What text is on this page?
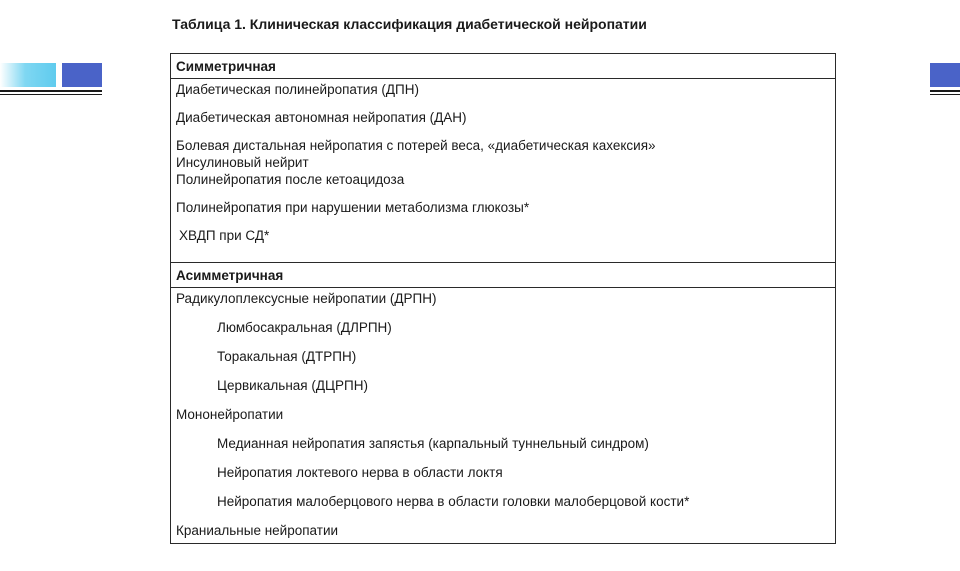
Таблица 1. Клиническая классификация диабетической нейропатии
Симметричная
Диабетическая полинейропатия (ДПН)
Диабетическая автономная нейропатия (ДАН)
Болевая дистальная нейропатия с потерей веса, «диабетическая кахексия»
Инсулиновый нейрит
Полинейропатия после кетоацидоза
Полинейропатия при нарушении метаболизма глюкозы*
ХВДП при СД*
Асимметричная
Радикулоплексусные нейропатии (ДРПН)
Люмбосакральная (ДЛРПН)
Торакальная (ДТРПН)
Цервикальная (ДЦРПН)
Мононейропатии
Медианная нейропатия запястья (карпальный туннельный синдром)
Нейропатия локтевого нерва в области локтя
Нейропатия малоберцового нерва в области головки малоберцовой кости*
Краниальные нейропатии
